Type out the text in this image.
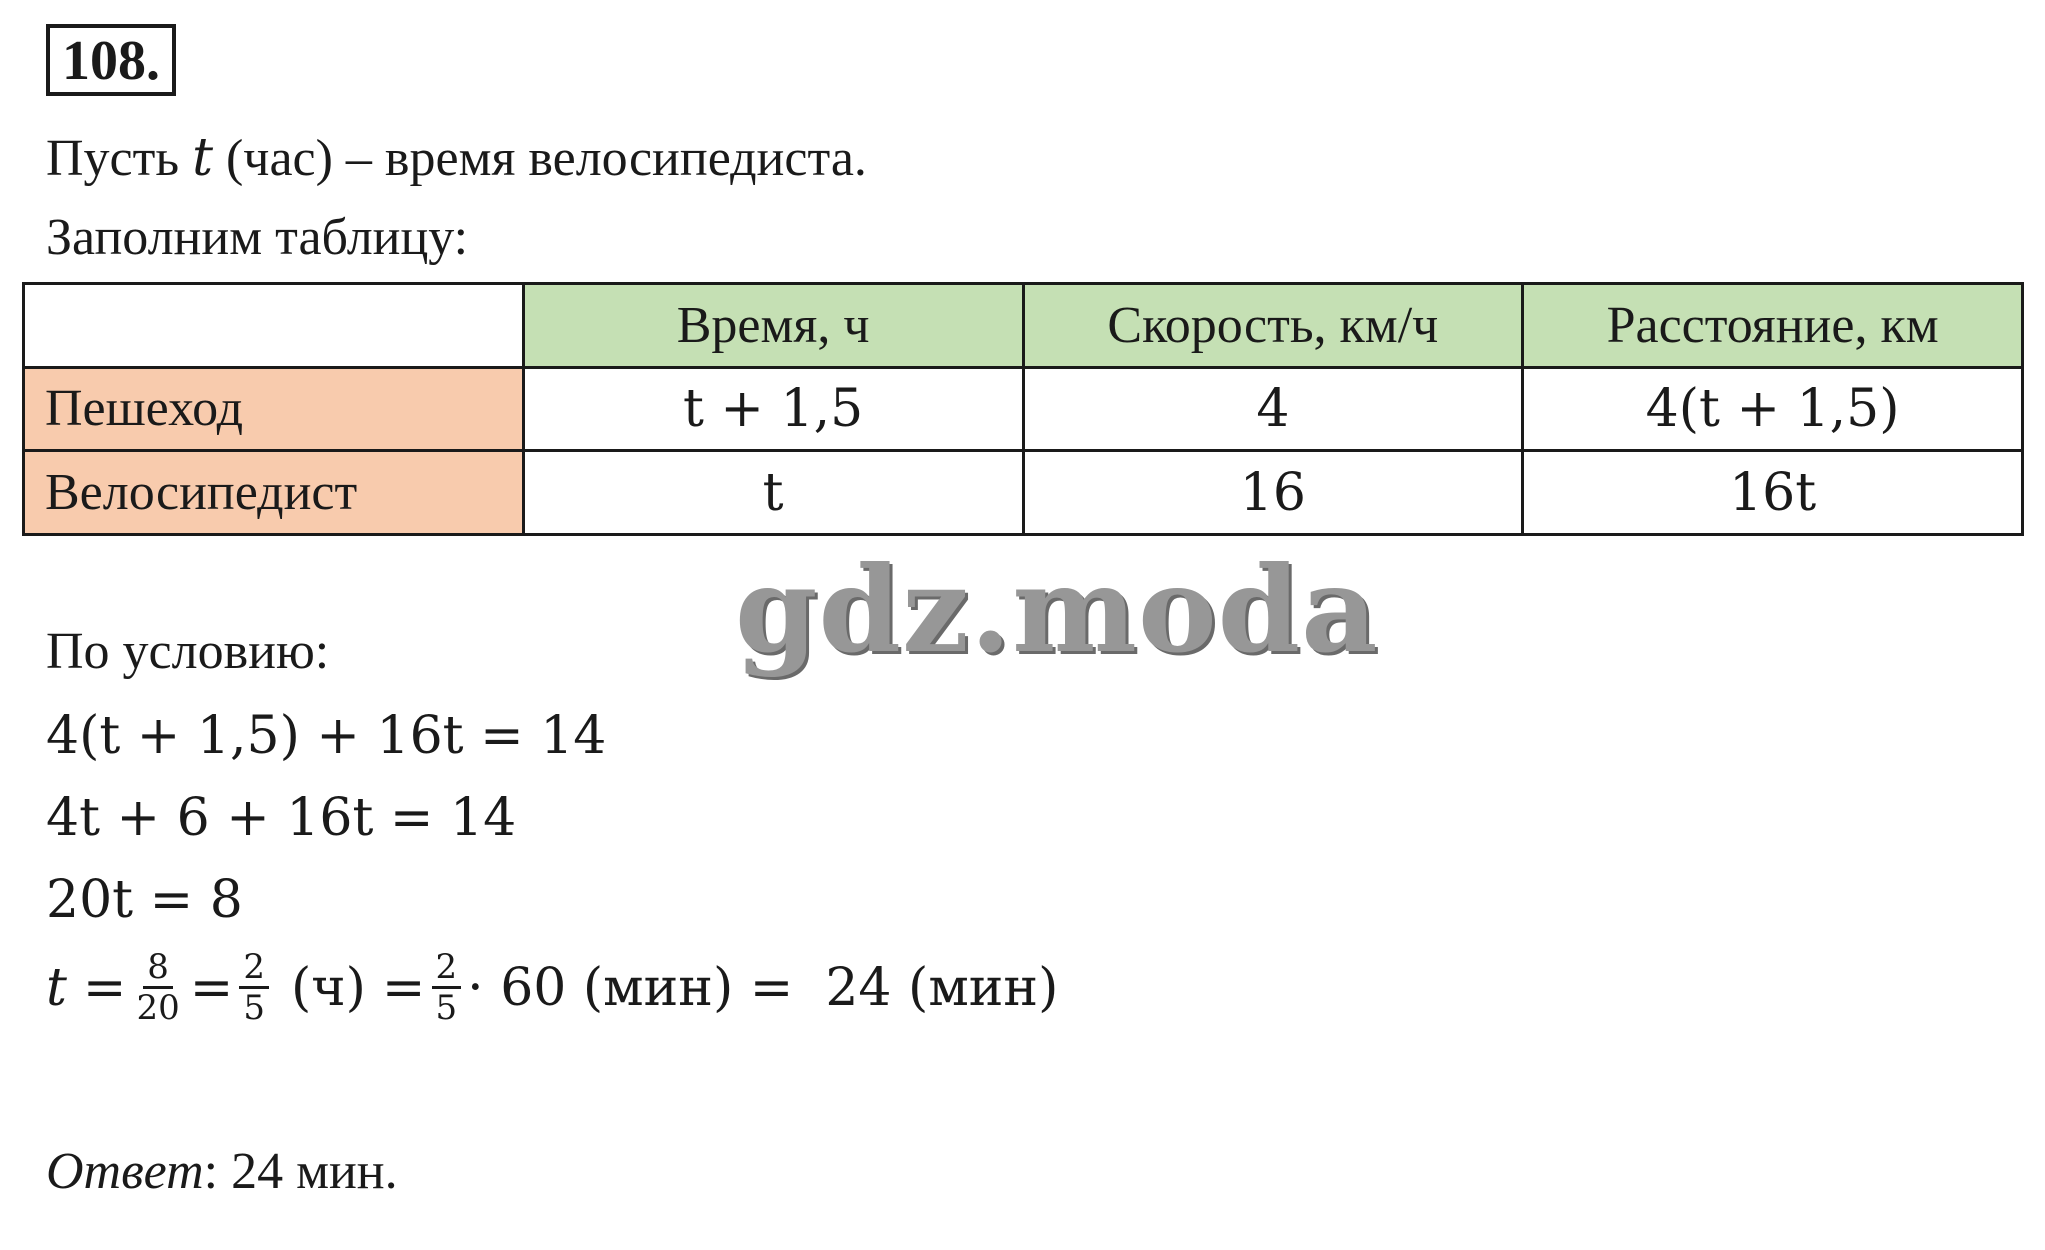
108.
Пусть t (час) – время велосипедиста.
Заполним таблицу:
	Время, ч	Скорость, км/ч	Расстояние, км
Пешеход	t + 1,5	4	4(t + 1,5)
Велосипедист	t	16	16t
gdz.moda
По условию:
4(t + 1,5) + 16t = 14
4t + 6 + 16t = 14
20t = 8
$t = \frac{8}{20} = \frac{2}{5} (ч) = \frac{2}{5} \cdot 60$ (мин) = 24 (мин)
Ответ: 24 мин.
